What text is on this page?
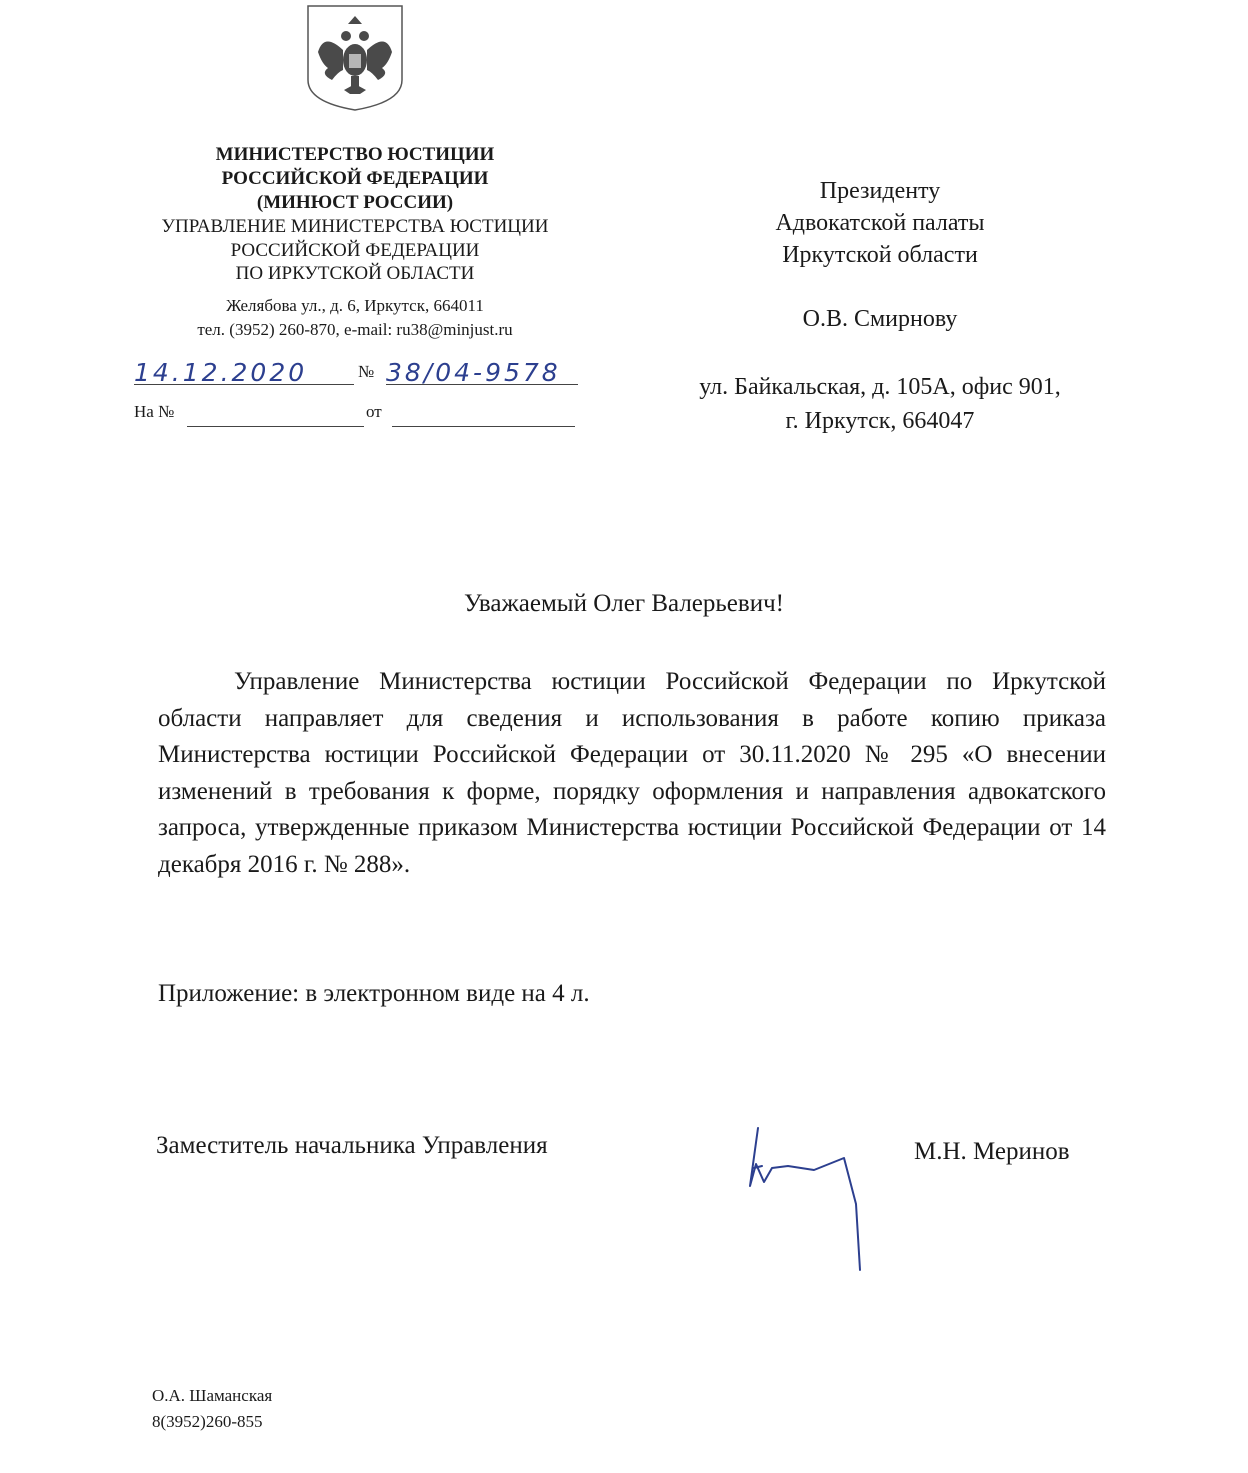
МИНИСТЕРСТВО ЮСТИЦИИ
РОССИЙСКОЙ ФЕДЕРАЦИИ
(МИНЮСТ РОССИИ)
УПРАВЛЕНИЕ МИНИСТЕРСТВА ЮСТИЦИИ
РОССИЙСКОЙ ФЕДЕРАЦИИ
ПО ИРКУТСКОЙ ОБЛАСТИ
Желябова ул., д. 6, Иркутск, 664011
тел. (3952) 260-870, e-mail: ru38@minjust.ru
14.12.2020	№ 38/04-9578
На №	от
Президенту
Адвокатской палаты
Иркутской области
О.В. Смирнову
ул. Байкальская, д. 105А, офис 901,
г. Иркутск, 664047
Уважаемый Олег Валерьевич!

Управление Министерства юстиции Российской Федерации по Иркутской области направляет для сведения и использования в работе копию приказа Министерства юстиции Российской Федерации от 30.11.2020 № 295 «О внесении изменений в требования к форме, порядку оформления и направления адвокатского запроса, утвержденные приказом Министерства юстиции Российской Федерации от 14 декабря 2016 г. № 288».

Приложение: в электронном виде на 4 л.
Заместитель начальника Управления	М.Н. Меринов
О.А. Шаманская
8(3952)260-855
